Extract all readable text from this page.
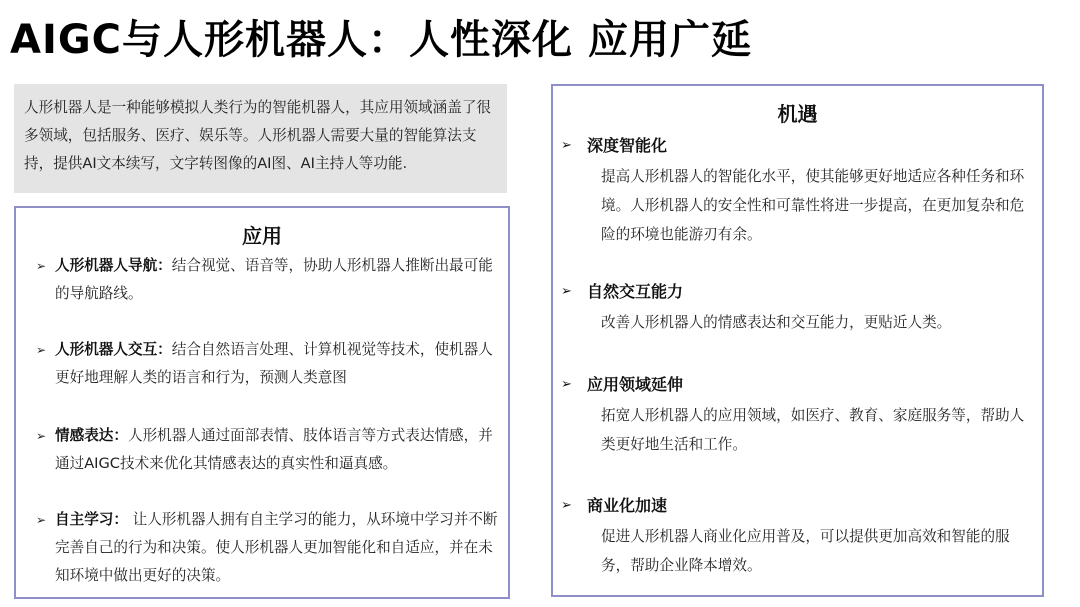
AIGC与人形机器人：人性深化 应用广延
人形机器人是一种能够模拟人类行为的智能机器人，其应用领域涵盖了很多领域，包括服务、医疗、娱乐等。人形机器人需要大量的智能算法支持，提供AI文本续写，文字转图像的AI图、AI主持人等功能.
应用
➢ 人形机器人导航：结合视觉、语音等，协助人形机器人推断出最可能的导航路线。
➢ 人形机器人交互：结合自然语言处理、计算机视觉等技术，使机器人更好地理解人类的语言和行为，预测人类意图
➢ 情感表达：人形机器人通过面部表情、肢体语言等方式表达情感，并通过AIGC技术来优化其情感表达的真实性和逼真感。
➢ 自主学习： 让人形机器人拥有自主学习的能力，从环境中学习并不断完善自己的行为和决策。使人形机器人更加智能化和自适应，并在未知环境中做出更好的决策。
机遇
➢ 深度智能化
提高人形机器人的智能化水平，使其能够更好地适应各种任务和环境。人形机器人的安全性和可靠性将进一步提高，在更加复杂和危险的环境也能游刃有余。
➢ 自然交互能力
改善人形机器人的情感表达和交互能力，更贴近人类。
➢ 应用领域延伸
拓宽人形机器人的应用领域，如医疗、教育、家庭服务等，帮助人类更好地生活和工作。
➢ 商业化加速
促进人形机器人商业化应用普及，可以提供更加高效和智能的服务，帮助企业降本增效。
